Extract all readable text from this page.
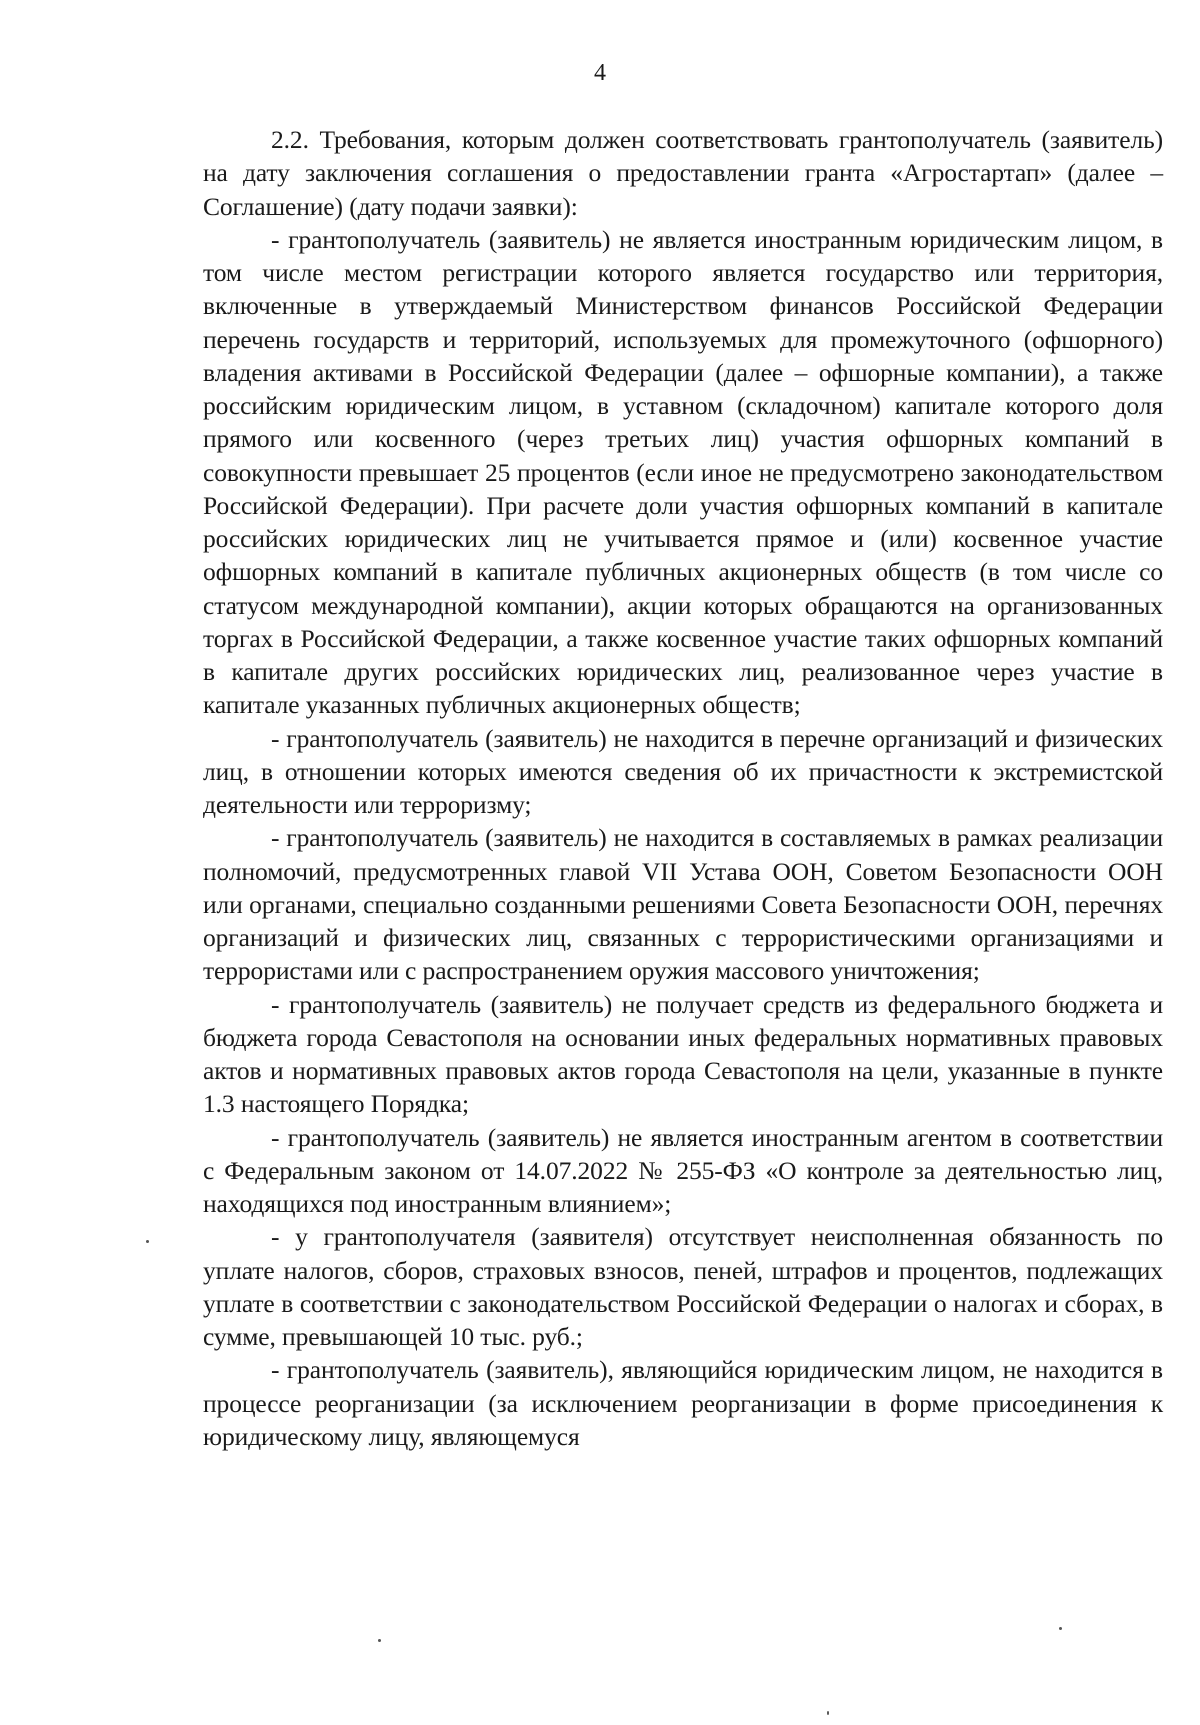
4

2.2. Требования, которым должен соответствовать грантополучатель (заявитель) на дату заключения соглашения о предоставлении гранта «Агростартап» (далее – Соглашение) (дату подачи заявки):

- грантополучатель (заявитель) не является иностранным юридическим лицом, в том числе местом регистрации которого является государство или территория, включенные в утверждаемый Министерством финансов Российской Федерации перечень государств и территорий, используемых для промежуточного (офшорного) владения активами в Российской Федерации (далее – офшорные компании), а также российским юридическим лицом, в уставном (складочном) капитале которого доля прямого или косвенного (через третьих лиц) участия офшорных компаний в совокупности превышает 25 процентов (если иное не предусмотрено законодательством Российской Федерации). При расчете доли участия офшорных компаний в капитале российских юридических лиц не учитывается прямое и (или) косвенное участие офшорных компаний в капитале публичных акционерных обществ (в том числе со статусом международной компании), акции которых обращаются на организованных торгах в Российской Федерации, а также косвенное участие таких офшорных компаний в капитале других российских юридических лиц, реализованное через участие в капитале указанных публичных акционерных обществ;

- грантополучатель (заявитель) не находится в перечне организаций и физических лиц, в отношении которых имеются сведения об их причастности к экстремистской деятельности или терроризму;

- грантополучатель (заявитель) не находится в составляемых в рамках реализации полномочий, предусмотренных главой VII Устава ООН, Советом Безопасности ООН или органами, специально созданными решениями Совета Безопасности ООН, перечнях организаций и физических лиц, связанных с террористическими организациями и террористами или с распространением оружия массового уничтожения;

- грантополучатель (заявитель) не получает средств из федерального бюджета и бюджета города Севастополя на основании иных федеральных нормативных правовых актов и нормативных правовых актов города Севастополя на цели, указанные в пункте 1.3 настоящего Порядка;

- грантополучатель (заявитель) не является иностранным агентом в соответствии с Федеральным законом от 14.07.2022 № 255-ФЗ «О контроле за деятельностью лиц, находящихся под иностранным влиянием»;

- у грантополучателя (заявителя) отсутствует неисполненная обязанность по уплате налогов, сборов, страховых взносов, пеней, штрафов и процентов, подлежащих уплате в соответствии с законодательством Российской Федерации о налогах и сборах, в сумме, превышающей 10 тыс. руб.;

- грантополучатель (заявитель), являющийся юридическим лицом, не находится в процессе реорганизации (за исключением реорганизации в форме присоединения к юридическому лицу, являющемуся
